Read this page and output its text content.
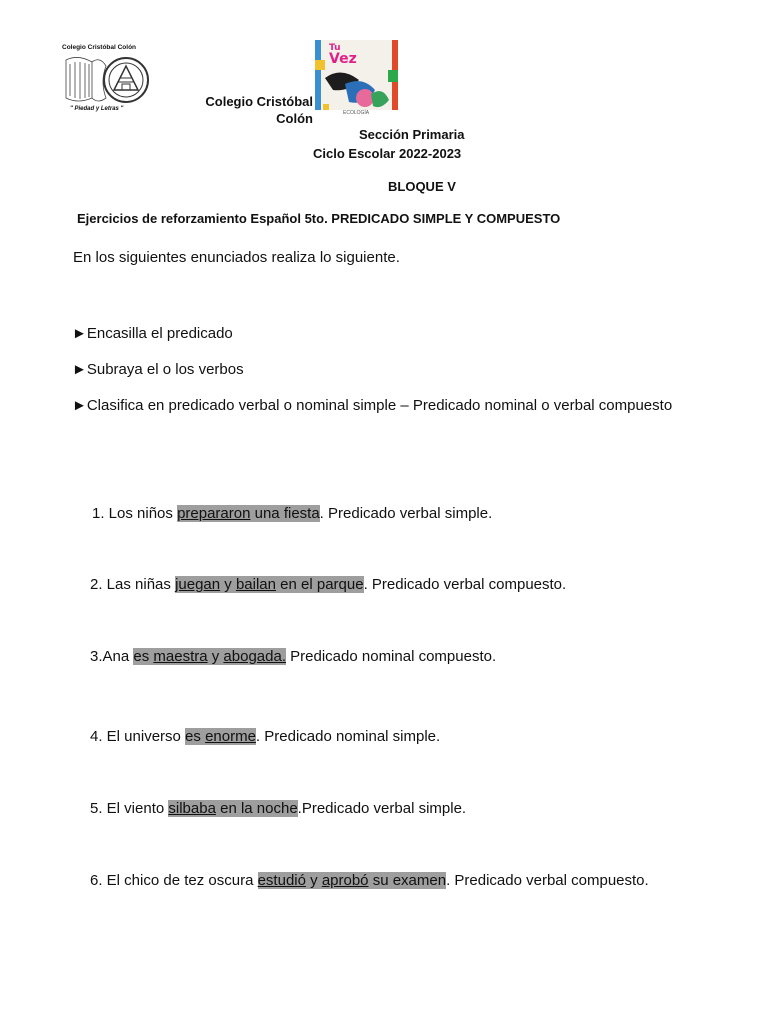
Colegio Cristóbal Colón
" Piedad y Letras "
Tu
Vez
ECOLOGÍA
Colegio Cristóbal
Colón
Sección Primaria
Ciclo Escolar 2022-2023
BLOQUE V
Ejercicios de reforzamiento Español 5to. PREDICADO SIMPLE Y COMPUESTO
En los siguientes enunciados realiza lo siguiente.
►Encasilla el predicado
►Subraya el o los verbos
►Clasifica en predicado verbal o nominal simple – Predicado nominal o verbal compuesto
1. Los niños prepararon una fiesta. Predicado verbal simple.
2. Las niñas juegan y bailan en el parque. Predicado verbal compuesto.
3.Ana es maestra y abogada. Predicado nominal compuesto.
4. El universo es enorme. Predicado nominal simple.
5. El viento silbaba en la noche.Predicado verbal simple.
6. El chico de tez oscura estudió y aprobó su examen. Predicado verbal compuesto.
